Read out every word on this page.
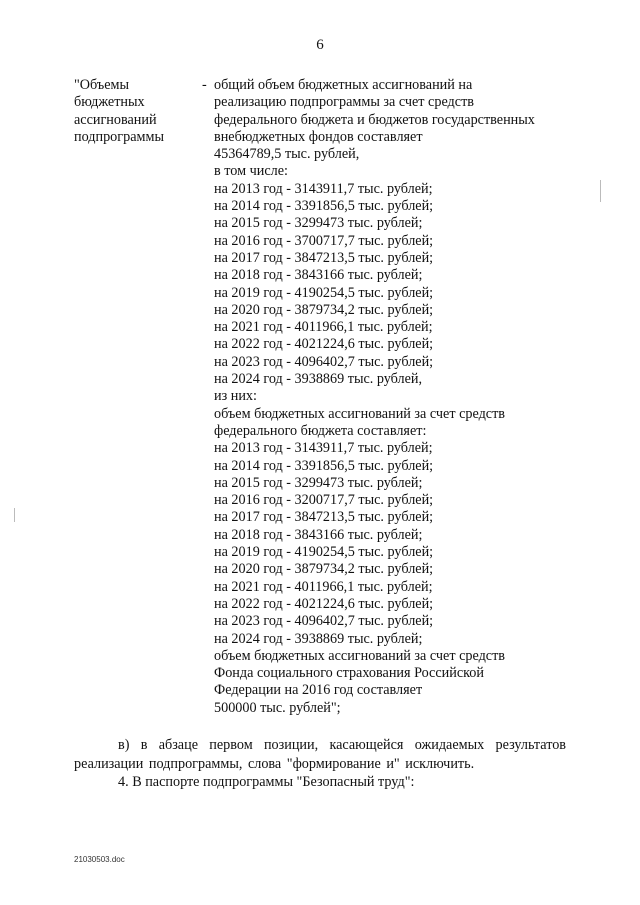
6
"Объемы
бюджетных
ассигнований
подпрограммы
- общий объем бюджетных ассигнований на
реализацию подпрограммы за счет средств
федерального бюджета и бюджетов государственных
внебюджетных фондов составляет
45364789,5 тыс. рублей,
в том числе:
на 2013 год - 3143911,7 тыс. рублей;
на 2014 год - 3391856,5 тыс. рублей;
на 2015 год - 3299473 тыс. рублей;
на 2016 год - 3700717,7 тыс. рублей;
на 2017 год - 3847213,5 тыс. рублей;
на 2018 год - 3843166 тыс. рублей;
на 2019 год - 4190254,5 тыс. рублей;
на 2020 год - 3879734,2 тыс. рублей;
на 2021 год - 4011966,1 тыс. рублей;
на 2022 год - 4021224,6 тыс. рублей;
на 2023 год - 4096402,7 тыс. рублей;
на 2024 год - 3938869 тыс. рублей,
из них:
объем бюджетных ассигнований за счет средств
федерального бюджета составляет:
на 2013 год - 3143911,7 тыс. рублей;
на 2014 год - 3391856,5 тыс. рублей;
на 2015 год - 3299473 тыс. рублей;
на 2016 год - 3200717,7 тыс. рублей;
на 2017 год - 3847213,5 тыс. рублей;
на 2018 год - 3843166 тыс. рублей;
на 2019 год - 4190254,5 тыс. рублей;
на 2020 год - 3879734,2 тыс. рублей;
на 2021 год - 4011966,1 тыс. рублей;
на 2022 год - 4021224,6 тыс. рублей;
на 2023 год - 4096402,7 тыс. рублей;
на 2024 год - 3938869 тыс. рублей;
объем бюджетных ассигнований за счет средств
Фонда социального страхования Российской
Федерации на 2016 год составляет
500000 тыс. рублей";

в) в абзаце первом позиции, касающейся ожидаемых результатов реализации подпрограммы, слова "формирование и" исключить.

4. В паспорте подпрограммы "Безопасный труд":

21030503.doc
